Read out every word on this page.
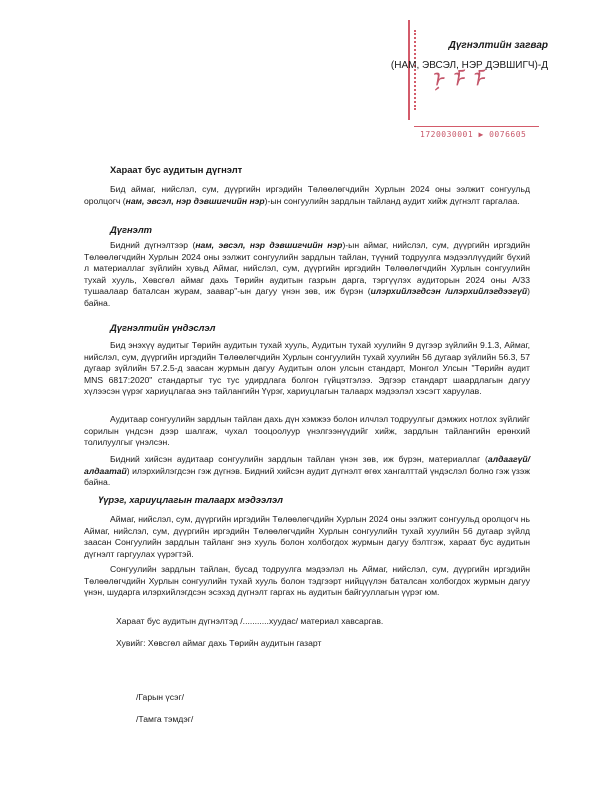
ᠨ ᠮ ᠮ
1720030001 ▶ 0076605
Дүгнэлтийн загвар
(НАМ, ЭВСЭЛ, НЭР ДЭВШИГЧ)-Д
Хараат бус аудитын дүгнэлт

Бид аймаг, нийслэл, сум, дүүргийн иргэдийн Төлөөлөгчдийн Хурлын 2024 оны ээлжит сонгуульд оролцогч (нам, эвсэл, нэр дэвшигчийн нэр)-ын сонгуулийн зардлын тайланд аудит хийж дүгнэлт гаргалаа.

Дүгнэлт

Бидний дүгнэлтээр (нам, эвсэл, нэр дэвшигчийн нэр)-ын аймаг, нийслэл, сум, дүүргийн иргэдийн Төлөөлөгчдийн Хурлын 2024 оны ээлжит сонгуулийн зардлын тайлан, түүний тодруулга мэдээллүүдийг бүхий л материаллаг зүйлийн хувьд Аймаг, нийслэл, сум, дүүргийн иргэдийн Төлөөлөгчдийн Хурлын сонгуулийн тухай хууль, Хөвсгөл аймаг дахь Төрийн аудитын газрын дарга, тэргүүлэх аудиторын 2024 оны А/33 тушаалаар баталсан журам, заавар"-ын дагуу үнэн зөв, иж бүрэн (илэрхийлэгдсэн /илэрхийлэгдээгүй) байна.

Дүгнэлтийн үндэслэл

Бид энэхүү аудитыг Төрийн аудитын тухай хууль, Аудитын тухай хуулийн 9 дүгээр зүйлийн 9.1.3, Аймаг, нийслэл, сум, дүүргийн иргэдийн Төлөөлөгчдийн Хурлын сонгуулийн тухай хуулийн 56 дугаар зүйлийн 56.3, 57 дугаар зүйлийн 57.2.5-д заасан журмын дагуу Аудитын олон улсын стандарт, Монгол Улсын "Төрийн аудит MNS 6817:2020" стандартыг тус тус удирдлага болгон гүйцэтгэлээ. Эдгээр стандарт шаардлагын дагуу хүлээсэн үүрэг хариуцлагаа энэ тайлангийн Үүрэг, хариуцлагын талаарх мэдээлэл хэсэгт харуулав.

Аудитаар сонгуулийн зардлын тайлан дахь дүн хэмжээ болон илчлэл тодруулгыг дэмжих нотлох зүйлийг сорилын үндсэн дээр шалгаж, чухал тооцоолуур үнэлгээнүүдийг хийж, зардлын тайлангийн ерөнхий толилуулгыг үнэлсэн.

Бидний хийсэн аудитаар сонгуулийн зардлын тайлан үнэн зөв, иж бүрэн, материаллаг (алдаагүй/алдаатай) илэрхийлэгдсэн гэж дүгнэв. Бидний хийсэн аудит дүгнэлт өгөх хангалттай үндэслэл болно гэж үзэж байна.

Үүрэг, хариуцлагын талаарх мэдээлэл

Аймаг, нийслэл, сум, дүүргийн иргэдийн Төлөөлөгчдийн Хурлын 2024 оны ээлжит сонгуульд оролцогч нь Аймаг, нийслэл, сум, дүүргийн иргэдийн Төлөөлөгчдийн Хурлын сонгуулийн тухай хуулийн 56 дугаар зүйлд заасан Сонгуулийн зардлын тайланг энэ хууль болон холбогдох журмын дагуу бэлтгэж, хараат бус аудитын дүгнэлт гаргуулах үүрэгтэй.

Сонгуулийн зардлын тайлан, бусад тодруулга мэдээлэл нь Аймаг, нийслэл, сум, дүүргийн иргэдийн Төлөөлөгчдийн Хурлын сонгуулийн тухай хууль болон тэдгээрт нийцүүлэн баталсан холбогдох журмын дагуу үнэн, шударга илэрхийлэгдсэн эсэхэд дүгнэлт гаргах нь аудитын байгууллагын үүрэг юм.

Хараат бус аудитын дүгнэлтэд /...........хуудас/ материал хавсаргав.
Хувийг: Хөвсгөл аймаг дахь Төрийн аудитын газарт
/Гарын үсэг/
/Тамга тэмдэг/
